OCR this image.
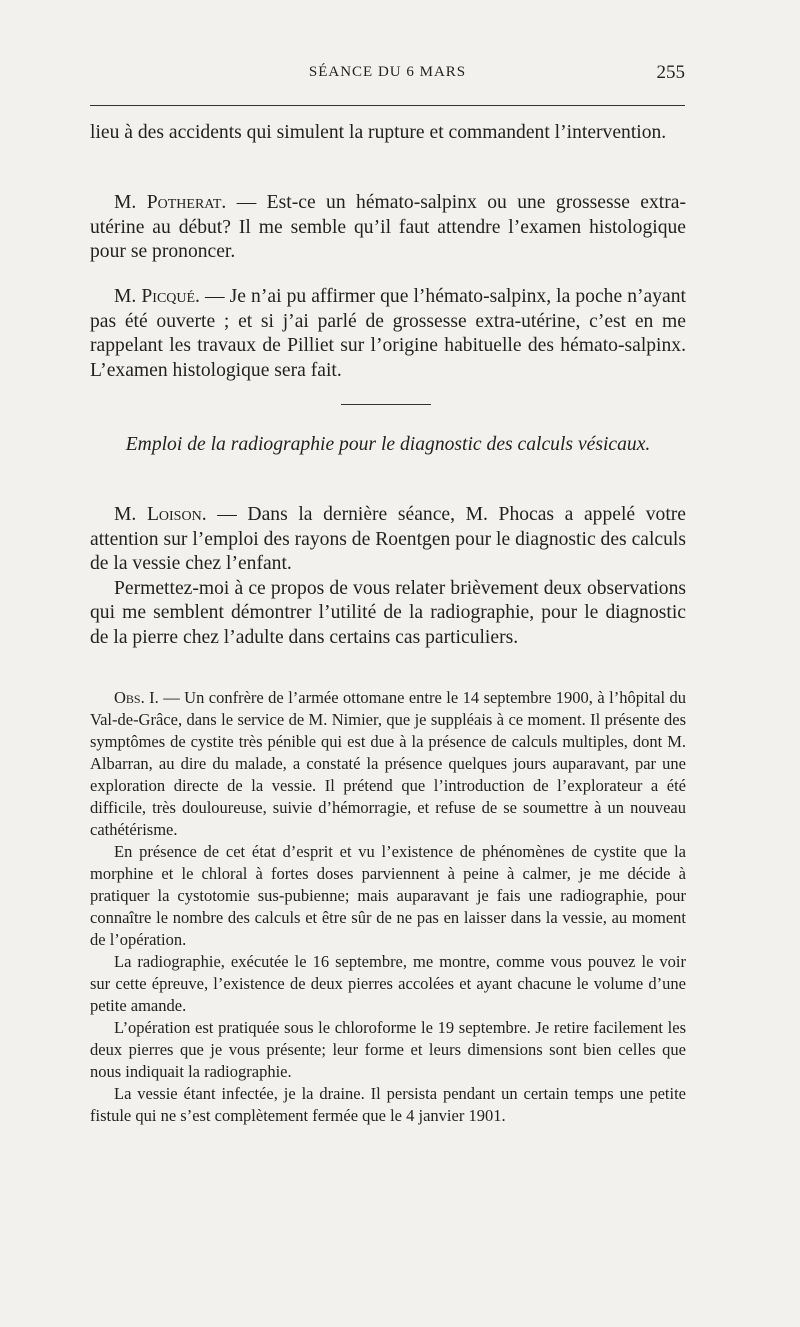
SÉANCE DU 6 MARS	255

lieu à des accidents qui simulent la rupture et commandent l’intervention.

M. Potherat. — Est-ce un hémato-salpinx ou une grossesse extra-utérine au début? Il me semble qu’il faut attendre l’examen histologique pour se prononcer.

M. Picqué. — Je n’ai pu affirmer que l’hémato-salpinx, la poche n’ayant pas été ouverte ; et si j’ai parlé de grossesse extra-utérine, c’est en me rappelant les travaux de Pilliet sur l’origine habituelle des hémato-salpinx. L’examen histologique sera fait.

Emploi de la radiographie pour le diagnostic des calculs vésicaux.

M. Loison. — Dans la dernière séance, M. Phocas a appelé votre attention sur l’emploi des rayons de Roentgen pour le diagnostic des calculs de la vessie chez l’enfant.

Permettez-moi à ce propos de vous relater brièvement deux observations qui me semblent démontrer l’utilité de la radiographie, pour le diagnostic de la pierre chez l’adulte dans certains cas particuliers.

Obs. I. — Un confrère de l’armée ottomane entre le 14 septembre 1900, à l’hôpital du Val-de-Grâce, dans le service de M. Nimier, que je suppléais à ce moment. Il présente des symptômes de cystite très pénible qui est due à la présence de calculs multiples, dont M. Albarran, au dire du malade, a constaté la présence quelques jours auparavant, par une exploration directe de la vessie. Il prétend que l’introduction de l’explorateur a été difficile, très douloureuse, suivie d’hémorragie, et refuse de se soumettre à un nouveau cathétérisme.

En présence de cet état d’esprit et vu l’existence de phénomènes de cystite que la morphine et le chloral à fortes doses parviennent à peine à calmer, je me décide à pratiquer la cystotomie sus-pubienne; mais auparavant je fais une radiographie, pour connaître le nombre des calculs et être sûr de ne pas en laisser dans la vessie, au moment de l’opération.

La radiographie, exécutée le 16 septembre, me montre, comme vous pouvez le voir sur cette épreuve, l’existence de deux pierres accolées et ayant chacune le volume d’une petite amande.

L’opération est pratiquée sous le chloroforme le 19 septembre. Je retire facilement les deux pierres que je vous présente; leur forme et leurs dimensions sont bien celles que nous indiquait la radiographie.

La vessie étant infectée, je la draine. Il persista pendant un certain temps une petite fistule qui ne s’est complètement fermée que le 4 janvier 1901.
